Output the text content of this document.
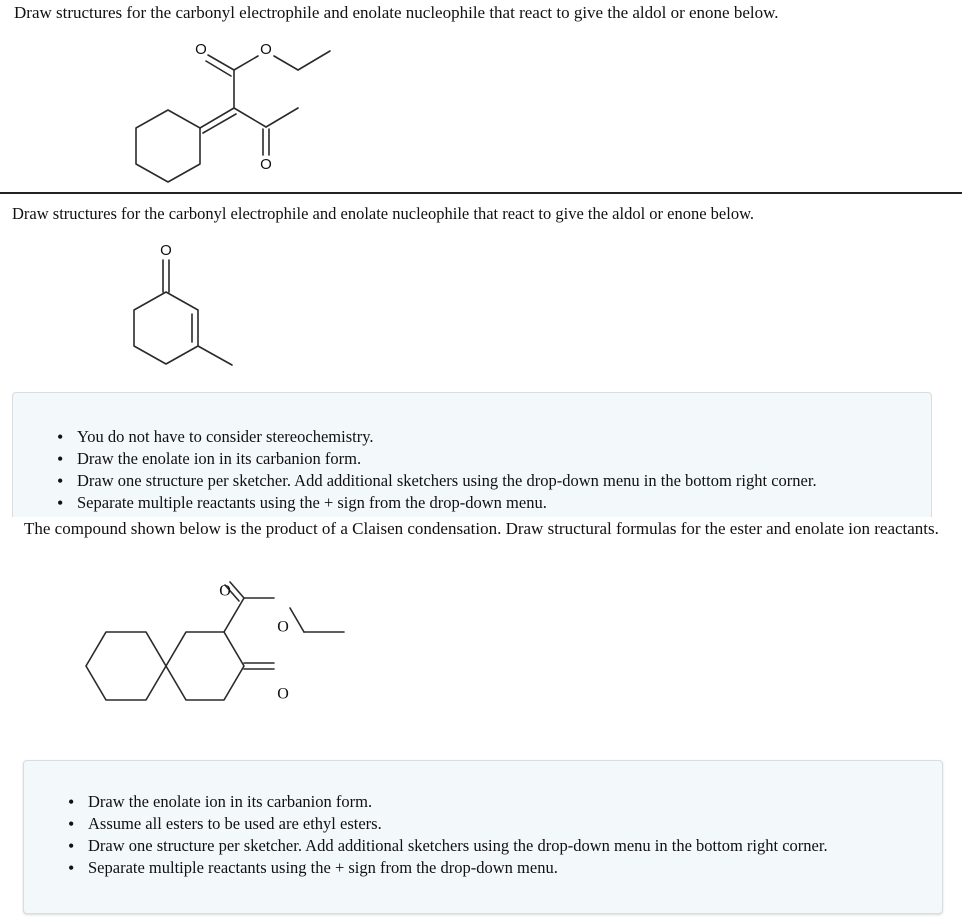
Draw structures for the carbonyl electrophile and enolate nucleophile that react to give the aldol or enone below.
O	O
O
Draw structures for the carbonyl electrophile and enolate nucleophile that react to give the aldol or enone below.
O
• You do not have to consider stereochemistry.
• Draw the enolate ion in its carbanion form.
• Draw one structure per sketcher. Add additional sketchers using the drop-down menu in the bottom right corner.
• Separate multiple reactants using the + sign from the drop-down menu.
The compound shown below is the product of a Claisen condensation. Draw structural formulas for the ester and enolate ion reactants.
O
O
O
• Draw the enolate ion in its carbanion form.
• Assume all esters to be used are ethyl esters.
• Draw one structure per sketcher. Add additional sketchers using the drop-down menu in the bottom right corner.
• Separate multiple reactants using the + sign from the drop-down menu.
